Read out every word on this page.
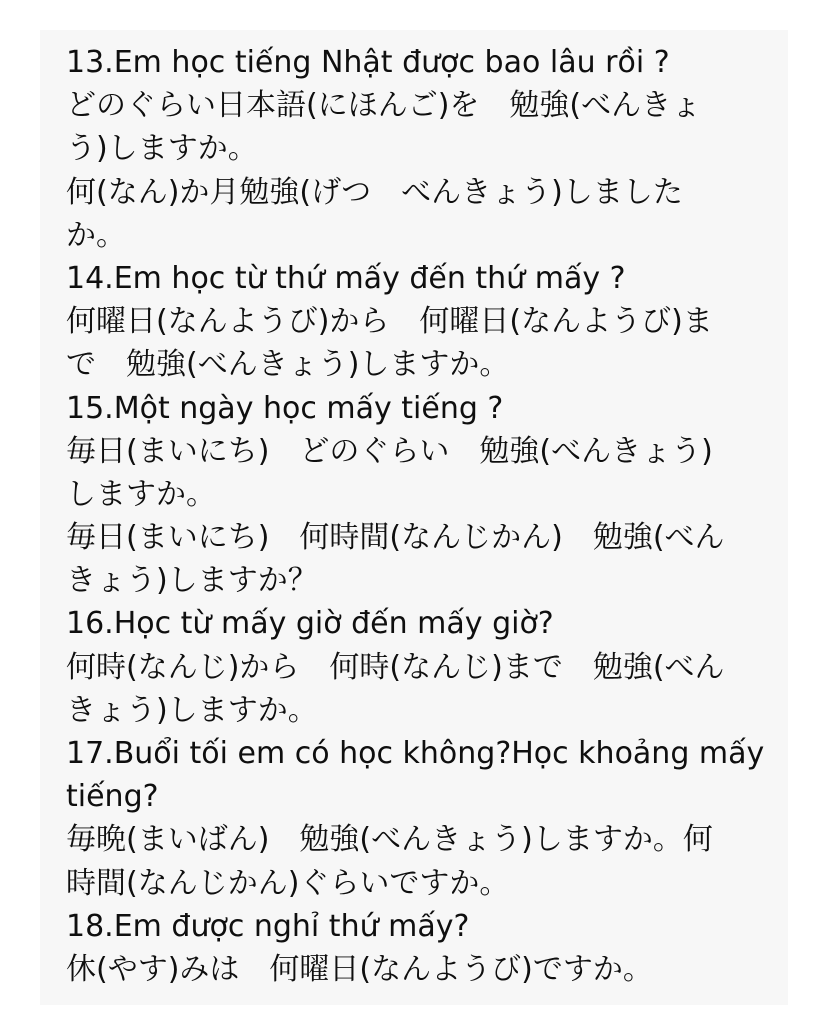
13.Em học tiếng Nhật được bao lâu rồi ?
どのぐらい日本語(にほんご)を　勉強(べんきょ
う)しますか。
何(なん)か月勉強(げつ　べんきょう)しました
か。
14.Em học từ thứ mấy đến thứ mấy ?
何曜日(なんようび)から　何曜日(なんようび)ま
で　勉強(べんきょう)しますか。
15.Một ngày học mấy tiếng ?
毎日(まいにち)　どのぐらい　勉強(べんきょう)
しますか。
毎日(まいにち)　何時間(なんじかん)　勉強(べん
きょう)しますか？
16.Học từ mấy giờ đến mấy giờ?
何時(なんじ)から　何時(なんじ)まで　勉強(べん
きょう)しますか。
17.Buổi tối em có học không?Học khoảng mấy
tiếng?
毎晩(まいばん)　勉強(べんきょう)しますか。何
時間(なんじかん)ぐらいですか。
18.Em được nghỉ thứ mấy?
休(やす)みは　何曜日(なんようび)ですか。
